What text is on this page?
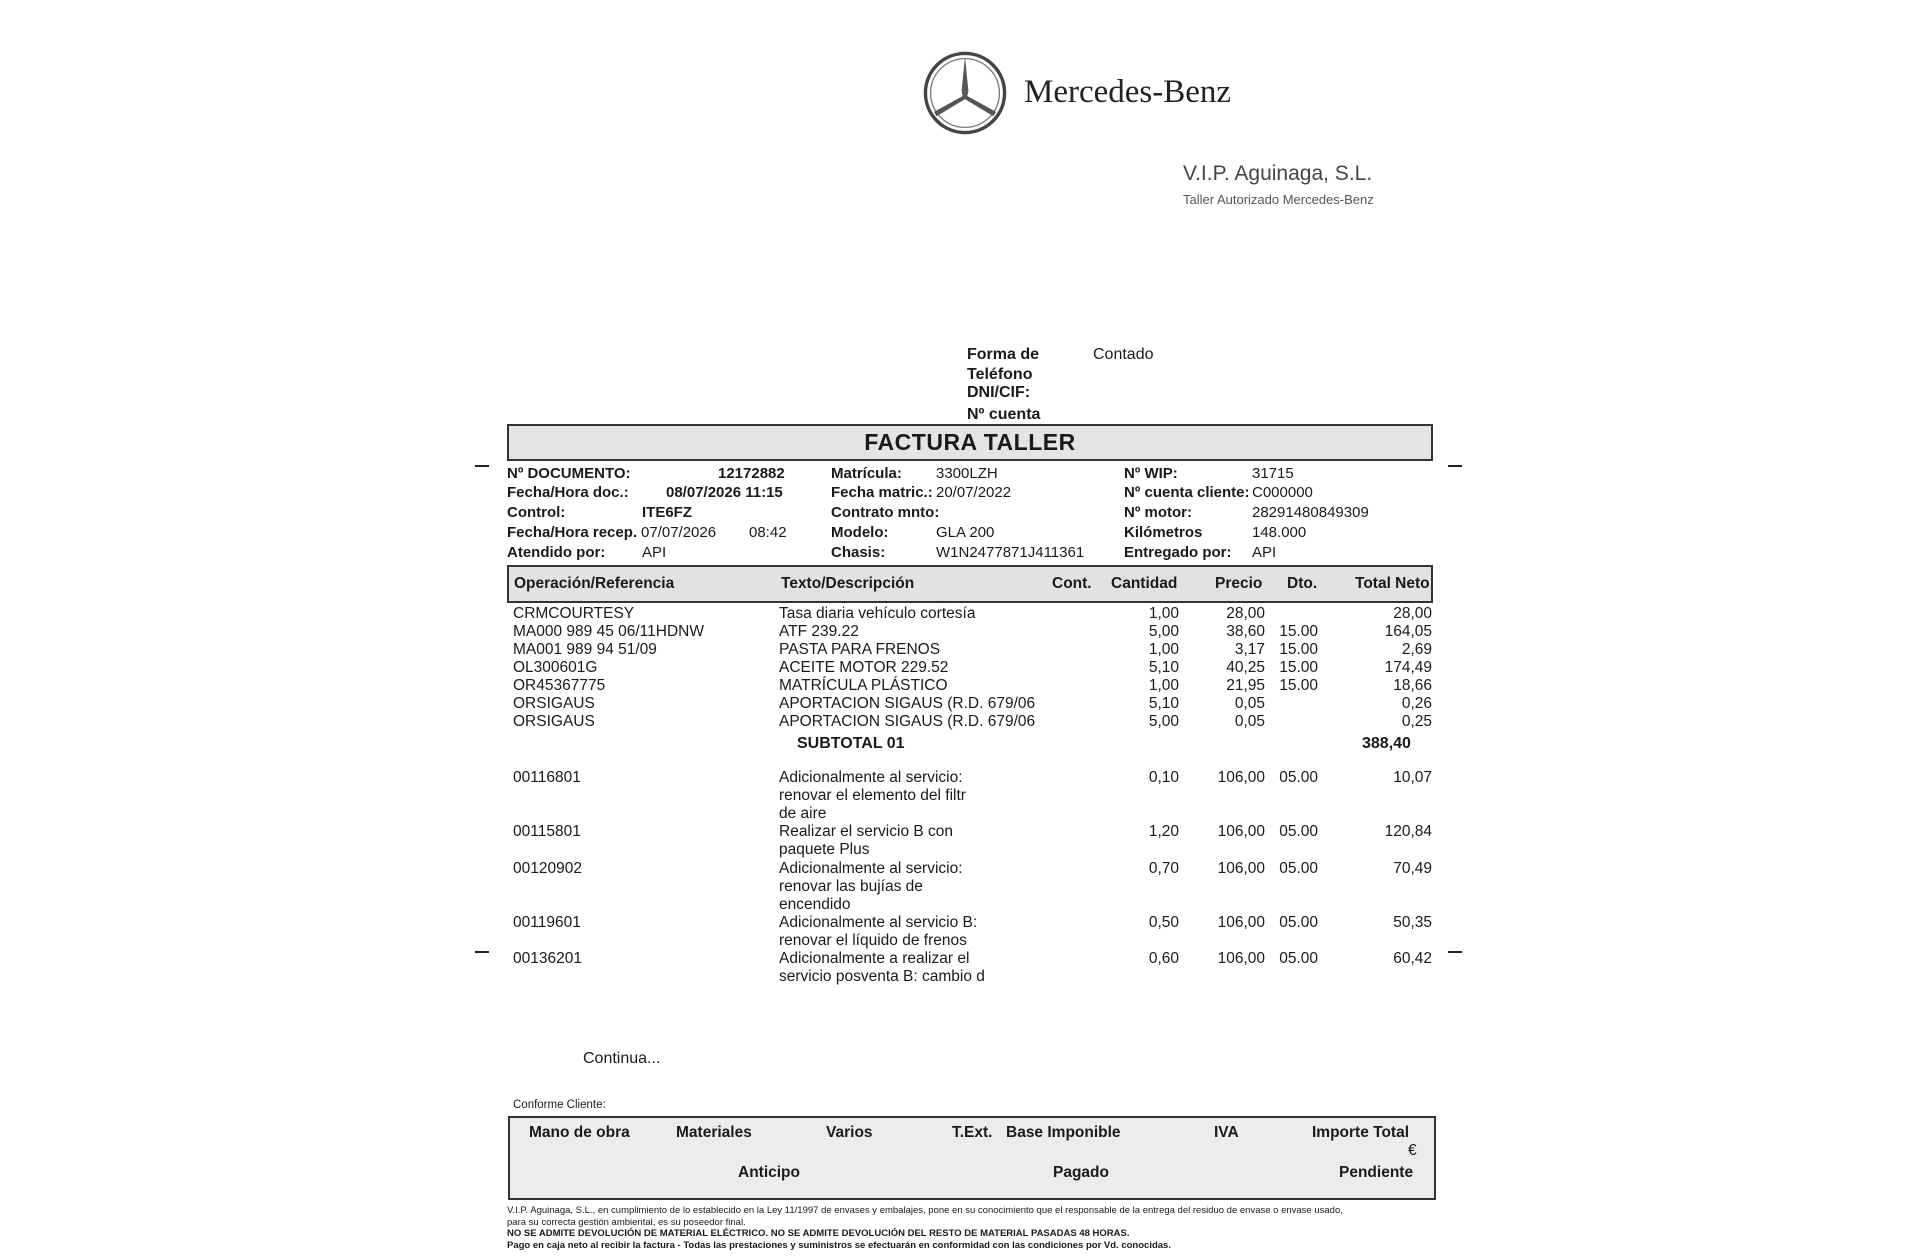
Mercedes-Benz
V.I.P. Aguinaga, S.L.
Taller Autorizado Mercedes-Benz
Forma de	Contado
Teléfono
DNI/CIF:
Nº cuenta
FACTURA TALLER
Nº DOCUMENTO:	12172882
Fecha/Hora doc.: 08/07/2026 11:15
Control:	ITE6FZ
Fecha/Hora recep. 07/07/2026 08:42
Atendido por: API
Matrícula: 3300LZH
Fecha matric.: 20/07/2022
Contrato mnto:
Modelo:	GLA 200
Chasis:	W1N2477871J411361
Nº WIP:	31715
Nº cuenta cliente: C000000
Nº motor:	28291480849309
Kilómetros	148.000
Entregado por: API
Operación/Referencia	Texto/Descripción	Cont. Cantidad Precio Dto. Total Neto
CRMCOURTESY	Tasa diaria vehículo cortesía	1,00	28,00	28,00
MA000 989 45 06/11HDNW	ATF 239.22	5,00	38,60 15.00	164,05
MA001 989 94 51/09	PASTA PARA FRENOS	1,00	3,17 15.00	2,69
OL300601G	ACEITE MOTOR 229.52	5,10	40,25 15.00	174,49
OR45367775	MATRÍCULA PLÁSTICO	1,00	21,95 15.00	18,66
ORSIGAUS	APORTACION SIGAUS (R.D. 679/06	5,10	0,05	0,26
ORSIGAUS	APORTACION SIGAUS (R.D. 679/06	5,00	0,05	0,25
SUBTOTAL 01	388,40
00116801	Adicionalmente al servicio:
renovar el elemento del filtr
de aire
0,10 106,00 05.00	10,07
00115801	Realizar el servicio B con
paquete Plus
1,20 106,00 05.00	120,84
00120902	Adicionalmente al servicio:
renovar las bujías de
encendido
0,70 106,00 05.00	70,49
00119601	Adicionalmente al servicio B:
renovar el líquido de frenos
0,50 106,00 05.00	50,35
00136201	Adicionalmente a realizar el
servicio posventa B: cambio d
0,60 106,00 05.00	60,42
Continua...
Conforme Cliente:
Mano de obra	Materiales	Varios	T.Ext. Base Imponible	IVA	Importe Total
€
Anticipo	Pagado	Pendiente
V.I.P. Aguinaga, S.L., en cumplimiento de lo establecido en la Ley 11/1997 de envases y embalajes, pone en su conocimiento que el responsable de la entrega del residuo de envase o envase usado,
para su correcta gestión ambiental, es su poseedor final.
NO SE ADMITE DEVOLUCIÓN DE MATERIAL ELÉCTRICO. NO SE ADMITE DEVOLUCIÓN DEL RESTO DE MATERIAL PASADAS 48 HORAS.
Pago en caja neto al recibir la factura - Todas las prestaciones y suministros se efectuarán en conformidad con las condiciones por Vd. conocidas.
